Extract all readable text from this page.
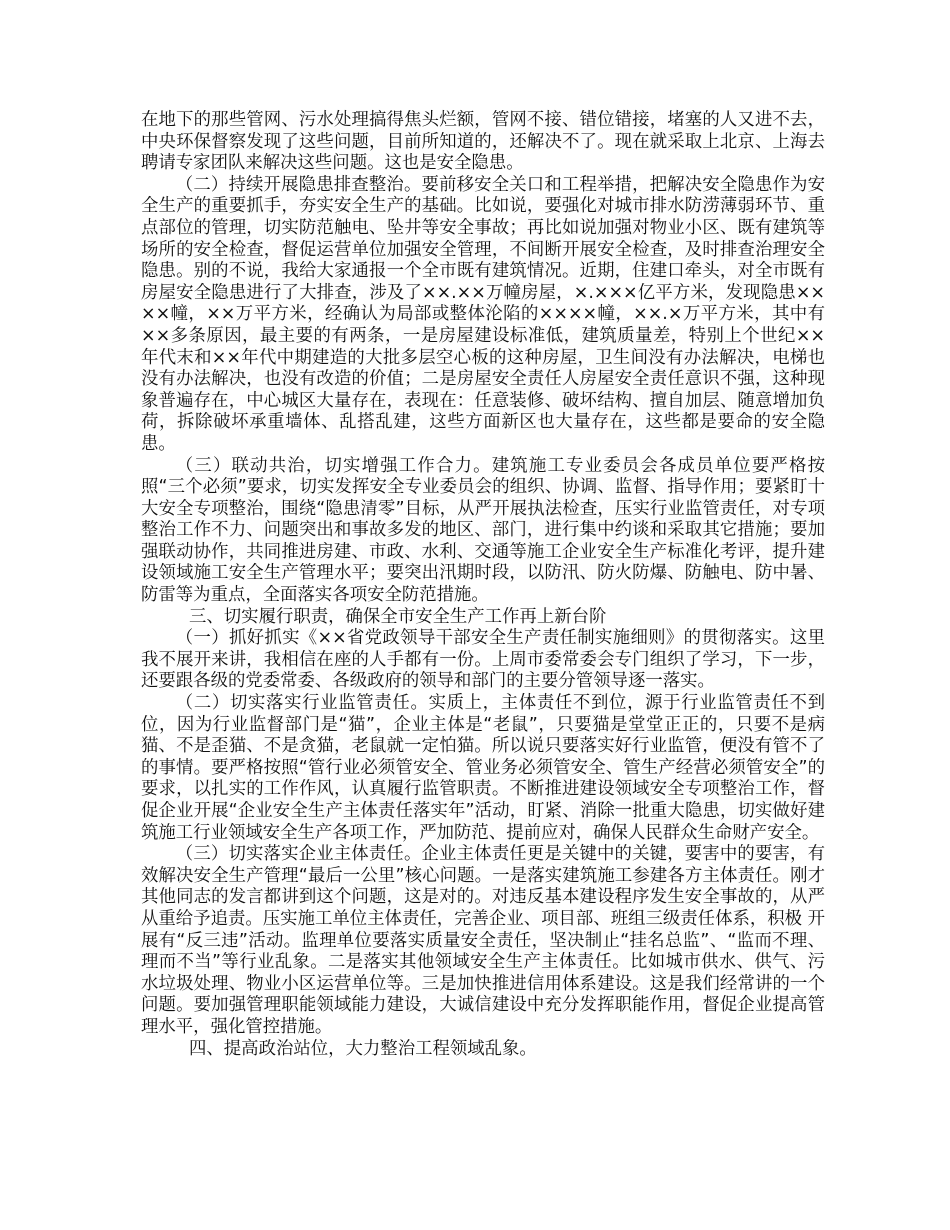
在地下的那些管网、污水处理搞得焦头烂额，管网不接、错位错接，堵塞的人又进不去，中央环保督察发现了这些问题，目前所知道的，还解决不了。现在就采取上北京、上海去聘请专家团队来解决这些问题。这也是安全隐患。

（二）持续开展隐患排查整治。要前移安全关口和工程举措，把解决安全隐患作为安全生产的重要抓手，夯实安全生产的基础。比如说，要强化对城市排水防涝薄弱环节、重点部位的管理，切实防范触电、坠井等安全事故；再比如说加强对物业小区、既有建筑等场所的安全检查，督促运营单位加强安全管理，不间断开展安全检查，及时排查治理安全隐患。别的不说，我给大家通报一个全市既有建筑情况。近期，住建口牵头，对全市既有房屋安全隐患进行了大排查，涉及了××.××万幢房屋，×.×××亿平方米，发现隐患××××幢，××万平方米，经确认为局部或整体沦陷的××××幢，××.×万平方米，其中有××多条原因，最主要的有两条，一是房屋建设标准低，建筑质量差，特别上个世纪××年代末和××年代中期建造的大批多层空心板的这种房屋，卫生间没有办法解决，电梯也没有办法解决，也没有改造的价值；二是房屋安全责任人房屋安全责任意识不强，这种现象普遍存在，中心城区大量存在，表现在：任意装修、破坏结构、擅自加层、随意增加负荷，拆除破坏承重墙体、乱搭乱建，这些方面新区也大量存在，这些都是要命的安全隐患。

（三）联动共治，切实增强工作合力。建筑施工专业委员会各成员单位要严格按照“三个必须”要求，切实发挥安全专业委员会的组织、协调、监督、指导作用；要紧盯十大安全专项整治，围绕“隐患清零”目标，从严开展执法检查，压实行业监管责任，对专项整治工作不力、问题突出和事故多发的地区、部门，进行集中约谈和采取其它措施；要加强联动协作，共同推进房建、市政、水利、交通等施工企业安全生产标准化考评，提升建设领域施工安全生产管理水平；要突出汛期时段，以防汛、防火防爆、防触电、防中暑、防雷等为重点，全面落实各项安全防范措施。

三、切实履行职责，确保全市安全生产工作再上新台阶

（一）抓好抓实《××省党政领导干部安全生产责任制实施细则》的贯彻落实。这里我不展开来讲，我相信在座的人手都有一份。上周市委常委会专门组织了学习，下一步，还要跟各级的党委常委、各级政府的领导和部门的主要分管领导逐一落实。

（二）切实落实行业监管责任。实质上，主体责任不到位，源于行业监管责任不到位，因为行业监督部门是“猫”，企业主体是“老鼠”，只要猫是堂堂正正的，只要不是病猫、不是歪猫、不是贪猫，老鼠就一定怕猫。所以说只要落实好行业监管，便没有管不了的事情。要严格按照“管行业必须管安全、管业务必须管安全、管生产经营必须管安全”的要求，以扎实的工作作风，认真履行监管职责。不断推进建设领域安全专项整治工作，督促企业开展“企业安全生产主体责任落实年”活动，盯紧、消除一批重大隐患，切实做好建筑施工行业领域安全生产各项工作，严加防范、提前应对，确保人民群众生命财产安全。

（三）切实落实企业主体责任。企业主体责任更是关键中的关键，要害中的要害，有效解决安全生产管理“最后一公里”核心问题。一是落实建筑施工参建各方主体责任。刚才其他同志的发言都讲到这个问题，这是对的。对违反基本建设程序发生安全事故的，从严从重给予追责。压实施工单位主体责任，完善企业、项目部、班组三级责任体系，积极 开展有“反三违”活动。监理单位要落实质量安全责任，坚决制止“挂名总监”、“监而不理、理而不当”等行业乱象。二是落实其他领域安全生产主体责任。比如城市供水、供气、污水垃圾处理、物业小区运营单位等。三是加快推进信用体系建设。这是我们经常讲的一个问题。要加强管理职能领域能力建设，大诚信建设中充分发挥职能作用，督促企业提高管理水平，强化管控措施。

四、提高政治站位，大力整治工程领域乱象。
